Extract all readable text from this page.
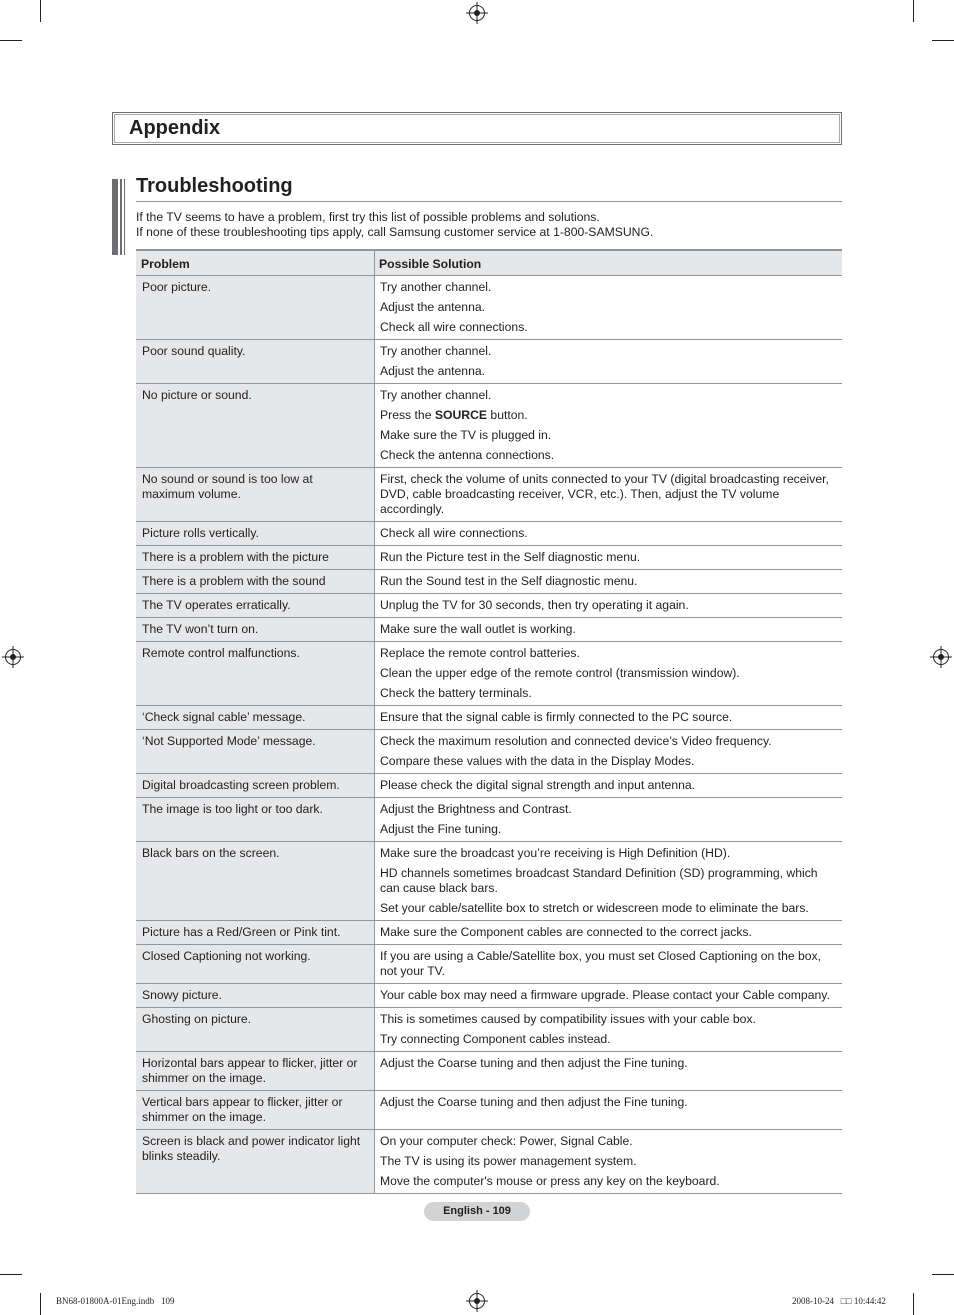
Appendix
Troubleshooting
If the TV seems to have a problem, first try this list of possible problems and solutions.
If none of these troubleshooting tips apply, call Samsung customer service at 1-800-SAMSUNG.
Problem	Possible Solution
Poor picture.	Try another channel.
Adjust the antenna.
Check all wire connections.

Poor sound quality.	Try another channel.
Adjust the antenna.

No picture or sound.	Try another channel.
Press the SOURCE button.
Make sure the TV is plugged in.
Check the antenna connections.

No sound or sound is too low at maximum volume.	First, check the volume of units connected to your TV (digital broadcasting receiver, DVD, cable broadcasting receiver, VCR, etc.). Then, adjust the TV volume accordingly.

Picture rolls vertically.	Check all wire connections.

There is a problem with the picture	Run the Picture test in the Self diagnostic menu.

There is a problem with the sound	Run the Sound test in the Self diagnostic menu.

The TV operates erratically.	Unplug the TV for 30 seconds, then try operating it again.

The TV won’t turn on.	Make sure the wall outlet is working.

Remote control malfunctions.	Replace the remote control batteries.
Clean the upper edge of the remote control (transmission window).
Check the battery terminals.

‘Check signal cable’ message.	Ensure that the signal cable is firmly connected to the PC source.

‘Not Supported Mode’ message.	Check the maximum resolution and connected device’s Video frequency.
Compare these values with the data in the Display Modes.

Digital broadcasting screen problem.	Please check the digital signal strength and input antenna.

The image is too light or too dark.	Adjust the Brightness and Contrast.
Adjust the Fine tuning.

Black bars on the screen.	Make sure the broadcast you’re receiving is High Definition (HD).
HD channels sometimes broadcast Standard Definition (SD) programming, which can cause black bars.
Set your cable/satellite box to stretch or widescreen mode to eliminate the bars.

Picture has a Red/Green or Pink tint.	Make sure the Component cables are connected to the correct jacks.

Closed Captioning not working.	If you are using a Cable/Satellite box, you must set Closed Captioning on the box, not your TV.

Snowy picture.	Your cable box may need a firmware upgrade. Please contact your Cable company.

Ghosting on picture.	This is sometimes caused by compatibility issues with your cable box.
Try connecting Component cables instead.

Horizontal bars appear to flicker, jitter or shimmer on the image.	Adjust the Coarse tuning and then adjust the Fine tuning.

Vertical bars appear to flicker, jitter or shimmer on the image.	Adjust the Coarse tuning and then adjust the Fine tuning.

Screen is black and power indicator light blinks steadily.	On your computer check: Power, Signal Cable.
The TV is using its power management system.
Move the computer's mouse or press any key on the keyboard.
English - 109
BN68-01800A-01Eng.indb   109	2008-10-24   □□ 10:44:42
